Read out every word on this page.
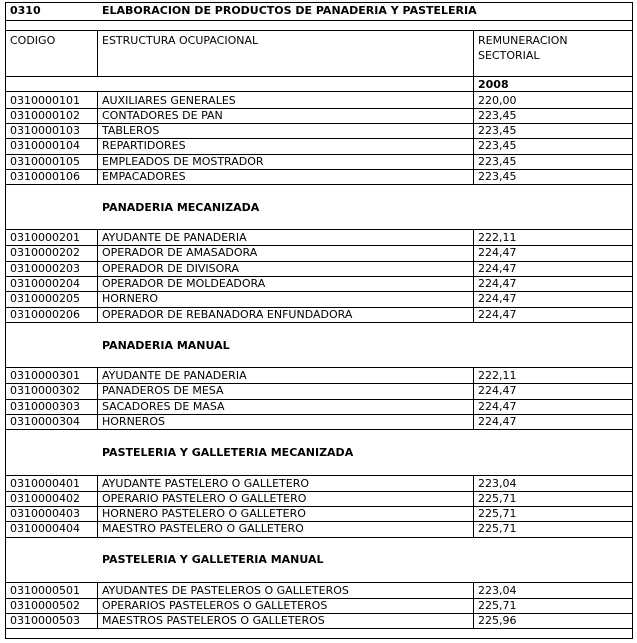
0310	ELABORACION DE PRODUCTOS DE PANADERIA Y PASTELERIA
CODIGO	ESTRUCTURA OCUPACIONAL	REMUNERACION
SECTORIAL
2008
0310000101 AUXILIARES GENERALES	220,00
0310000102 CONTADORES DE PAN	223,45
0310000103 TABLEROS	223,45
0310000104 REPARTIDORES	223,45
0310000105 EMPLEADOS DE MOSTRADOR	223,45
0310000106 EMPACADORES	223,45
PANADERIA MECANIZADA
0310000201 AYUDANTE DE PANADERIA	222,11
0310000202 OPERADOR DE AMASADORA	224,47
0310000203 OPERADOR DE DIVISORA	224,47
0310000204 OPERADOR DE MOLDEADORA	224,47
0310000205 HORNERO	224,47
0310000206 OPERADOR DE REBANADORA ENFUNDADORA	224,47
PANADERIA MANUAL
0310000301 AYUDANTE DE PANADERIA	222,11
0310000302 PANADEROS DE MESA	224,47
0310000303 SACADORES DE MASA	224,47
0310000304 HORNEROS	224,47
PASTELERIA Y GALLETERIA MECANIZADA
0310000401 AYUDANTE PASTELERO O GALLETERO	223,04
0310000402 OPERARIO PASTELERO O GALLETERO	225,71
0310000403 HORNERO PASTELERO O GALLETERO	225,71
0310000404 MAESTRO PASTELERO O GALLETERO	225,71
PASTELERIA Y GALLETERIA MANUAL
0310000501 AYUDANTES DE PASTELEROS O GALLETEROS	223,04
0310000502 OPERARIOS PASTELEROS O GALLETEROS	225,71
0310000503 MAESTROS PASTELEROS O GALLETEROS	225,96
